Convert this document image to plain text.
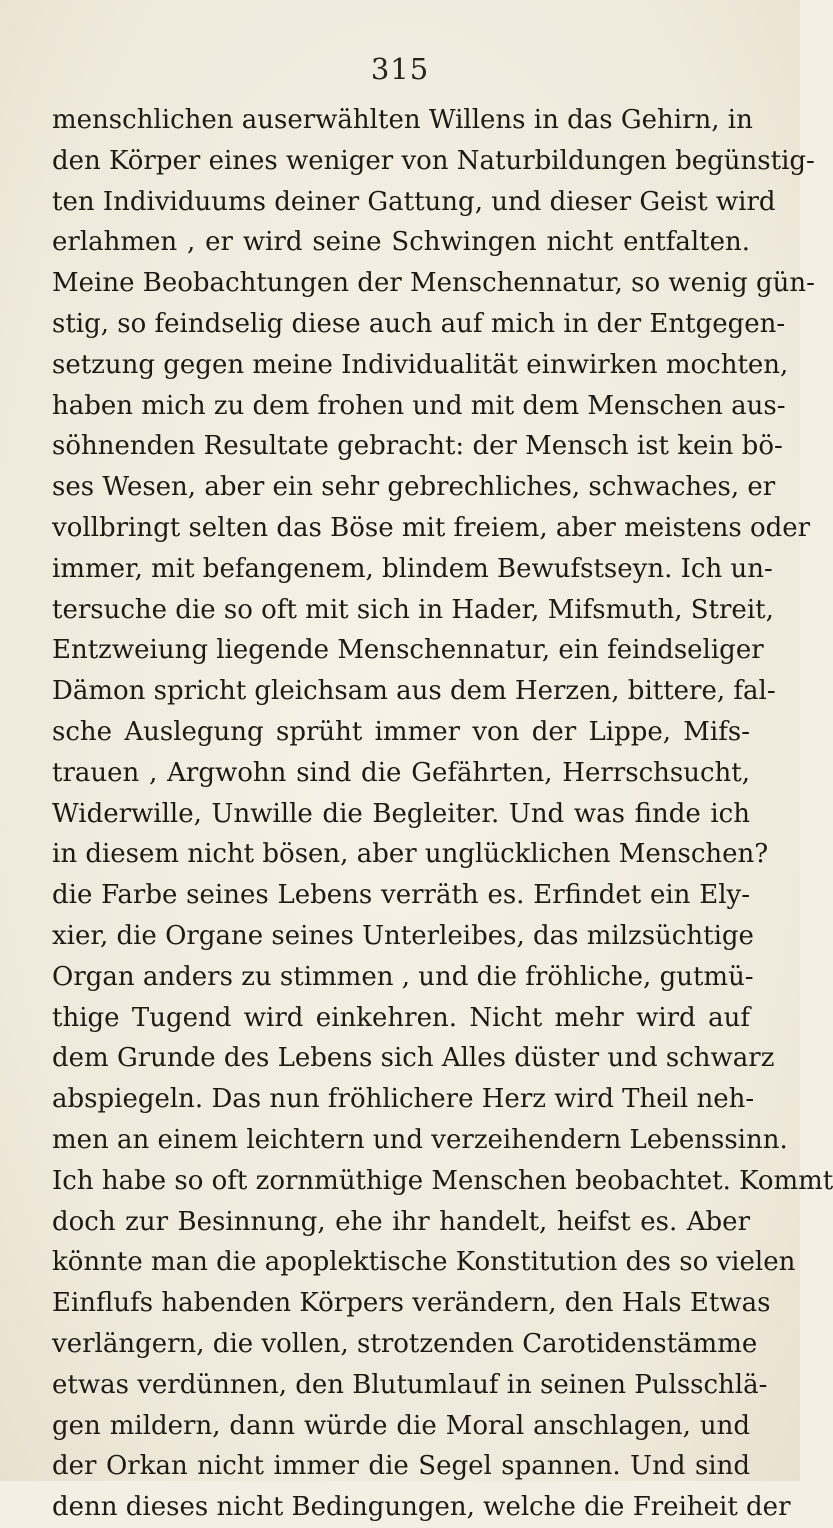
315
menschlichen auserwählten Willens in das Gehirn, in
den Körper eines weniger von Naturbildungen begünstig-
ten Individuums deiner Gattung, und dieser Geist wird
erlahmen , er wird seine Schwingen nicht entfalten.
Meine Beobachtungen der Menschennatur, so wenig gün-
stig, so feindselig diese auch auf mich in der Entgegen-
setzung gegen meine Individualität einwirken mochten,
haben mich zu dem frohen und mit dem Menschen aus-
söhnenden Resultate gebracht: der Mensch ist kein bö-
ses Wesen, aber ein sehr gebrechliches, schwaches, er
vollbringt selten das Böse mit freiem, aber meistens oder
immer, mit befangenem, blindem Bewufstseyn. Ich un-
tersuche die so oft mit sich in Hader, Mifsmuth, Streit,
Entzweiung liegende Menschennatur, ein feindseliger
Dämon spricht gleichsam aus dem Herzen, bittere, fal-
sche Auslegung sprüht immer von der Lippe, Mifs-
trauen , Argwohn sind die Gefährten, Herrschsucht,
Widerwille, Unwille die Begleiter. Und was finde ich
in diesem nicht bösen, aber unglücklichen Menschen?
die Farbe seines Lebens verräth es. Erfindet ein Ely-
xier, die Organe seines Unterleibes, das milzsüchtige
Organ anders zu stimmen , und die fröhliche, gutmü-
thige Tugend wird einkehren. Nicht mehr wird auf
dem Grunde des Lebens sich Alles düster und schwarz
abspiegeln. Das nun fröhlichere Herz wird Theil neh-
men an einem leichtern und verzeihendern Lebenssinn.
Ich habe so oft zornmüthige Menschen beobachtet. Kommt
doch zur Besinnung, ehe ihr handelt, heifst es. Aber
könnte man die apoplektische Konstitution des so vielen
Einflufs habenden Körpers verändern, den Hals Etwas
verlängern, die vollen, strotzenden Carotidenstämme
etwas verdünnen, den Blutumlauf in seinen Pulsschlä-
gen mildern, dann würde die Moral anschlagen, und
der Orkan nicht immer die Segel spannen. Und sind
denn dieses nicht Bedingungen, welche die Freiheit der
